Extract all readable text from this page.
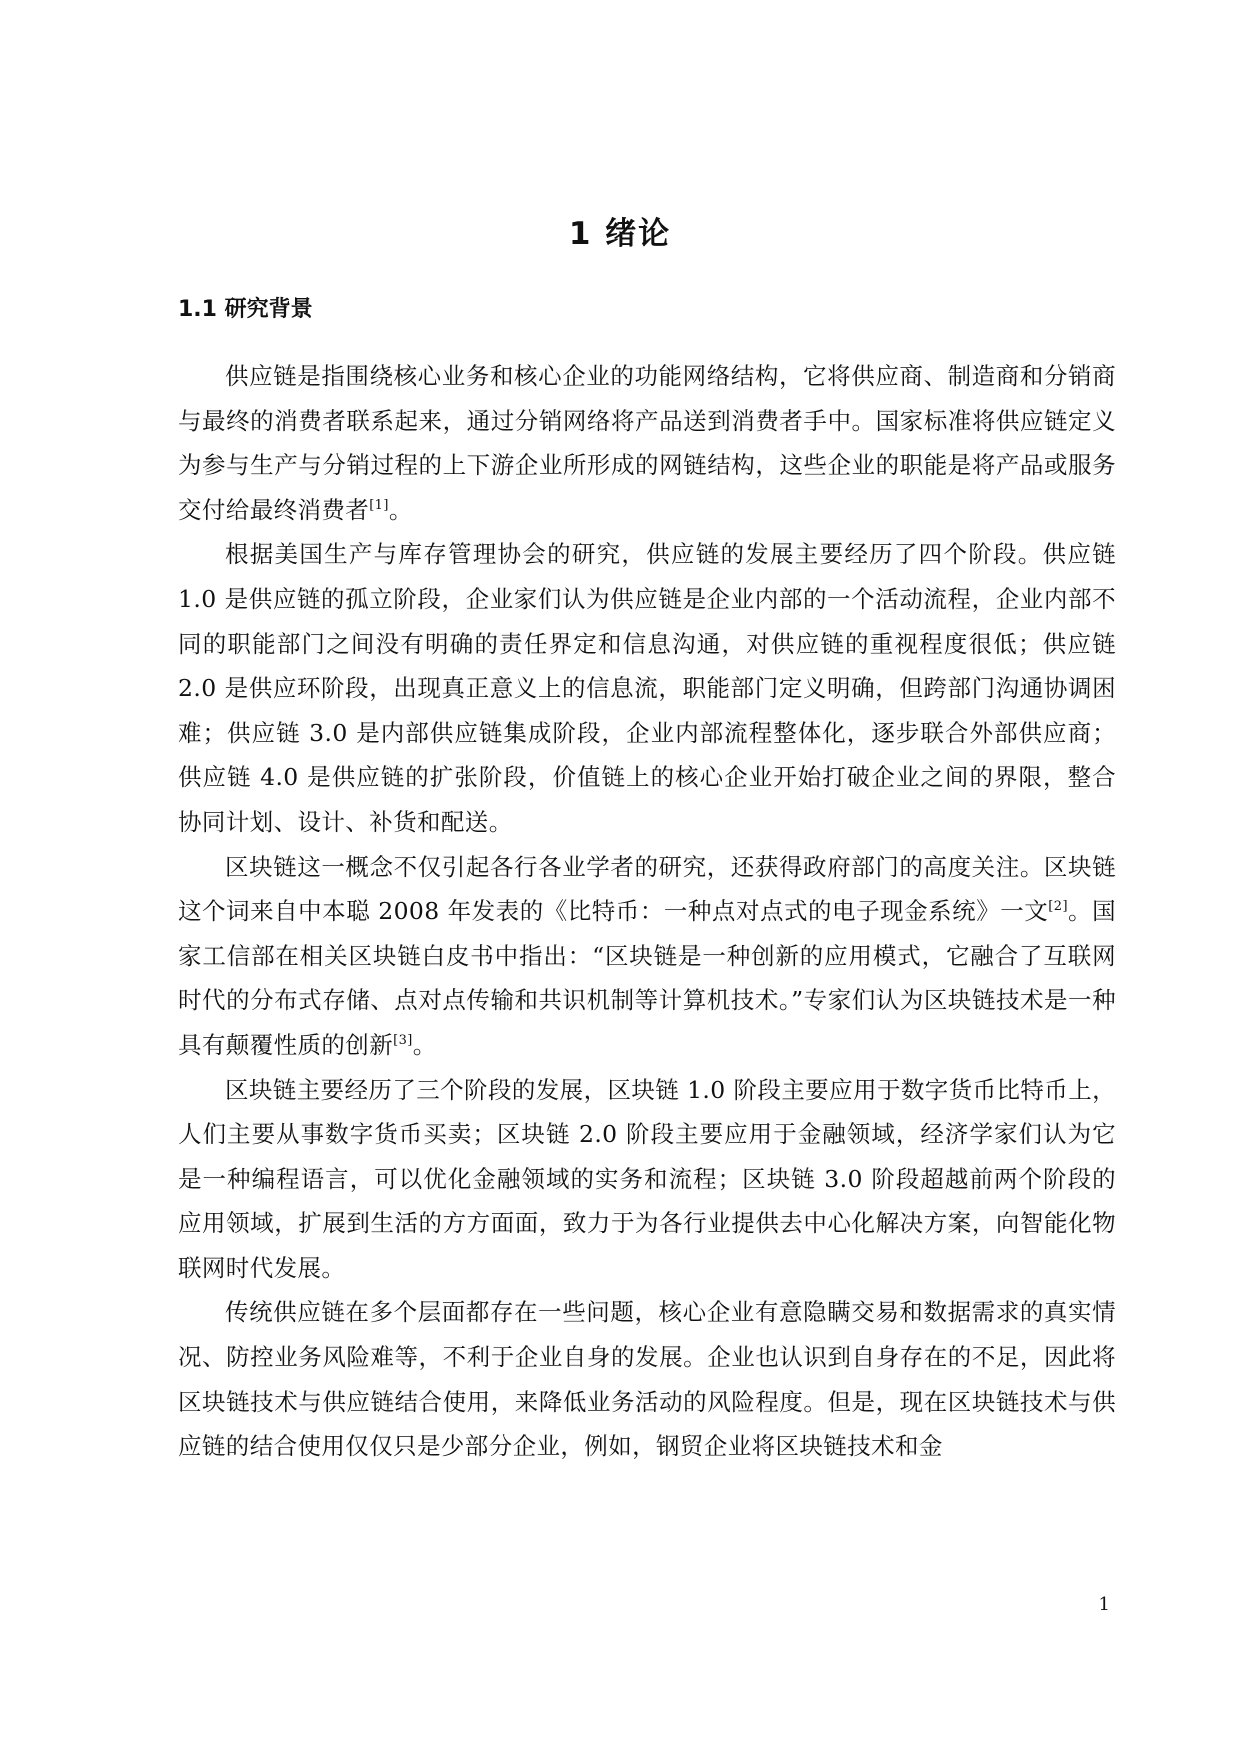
1 绪论
1.1 研究背景

供应链是指围绕核心业务和核心企业的功能网络结构，它将供应商、制造商和分销商与最终的消费者联系起来，通过分销网络将产品送到消费者手中。国家标准将供应链定义为参与生产与分销过程的上下游企业所形成的网链结构，这些企业的职能是将产品或服务交付给最终消费者[1]。

根据美国生产与库存管理协会的研究，供应链的发展主要经历了四个阶段。供应链 1.0 是供应链的孤立阶段，企业家们认为供应链是企业内部的一个活动流程，企业内部不同的职能部门之间没有明确的责任界定和信息沟通，对供应链的重视程度很低；供应链 2.0 是供应环阶段，出现真正意义上的信息流，职能部门定义明确，但跨部门沟通协调困难；供应链 3.0 是内部供应链集成阶段，企业内部流程整体化，逐步联合外部供应商；供应链 4.0 是供应链的扩张阶段，价值链上的核心企业开始打破企业之间的界限，整合协同计划、设计、补货和配送。

区块链这一概念不仅引起各行各业学者的研究，还获得政府部门的高度关注。区块链这个词来自中本聪 2008 年发表的《比特币：一种点对点式的电子现金系统》一文[2]。国家工信部在相关区块链白皮书中指出：“区块链是一种创新的应用模式，它融合了互联网时代的分布式存储、点对点传输和共识机制等计算机技术。”专家们认为区块链技术是一种具有颠覆性质的创新[3]。

区块链主要经历了三个阶段的发展，区块链 1.0 阶段主要应用于数字货币比特币上，人们主要从事数字货币买卖；区块链 2.0 阶段主要应用于金融领域，经济学家们认为它是一种编程语言，可以优化金融领域的实务和流程；区块链 3.0 阶段超越前两个阶段的应用领域，扩展到生活的方方面面，致力于为各行业提供去中心化解决方案，向智能化物联网时代发展。

传统供应链在多个层面都存在一些问题，核心企业有意隐瞒交易和数据需求的真实情况、防控业务风险难等，不利于企业自身的发展。企业也认识到自身存在的不足，因此将区块链技术与供应链结合使用，来降低业务活动的风险程度。但是，现在区块链技术与供应链的结合使用仅仅只是少部分企业，例如，钢贸企业将区块链技术和金

1
